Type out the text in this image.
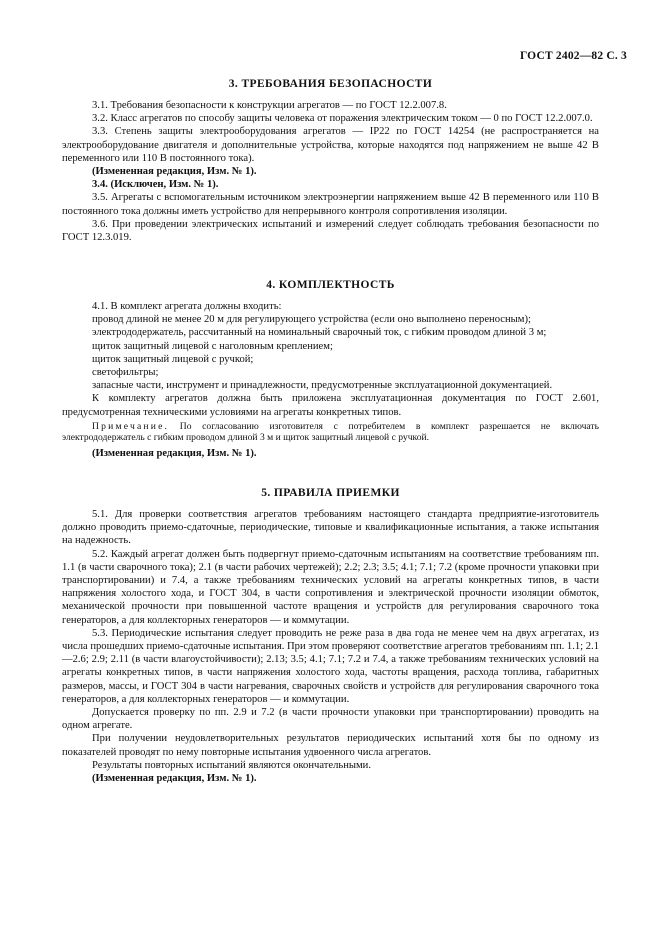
ГОСТ 2402—82 С. 3
3. ТРЕБОВАНИЯ БЕЗОПАСНОСТИ

3.1. Требования безопасности к конструкции агрегатов — по ГОСТ 12.2.007.8.

3.2. Класс агрегатов по способу защиты человека от поражения электрическим током — 0 по ГОСТ 12.2.007.0.

3.3. Степень защиты электрооборудования агрегатов — IP22 по ГОСТ 14254 (не распространяется на электрооборудование двигателя и дополнительные устройства, которые находятся под напряжением не выше 42 В переменного или 110 В постоянного тока).

(Измененная редакция, Изм. № 1).

3.4. (Исключен, Изм. № 1).

3.5. Агрегаты с вспомогательным источником электроэнергии напряжением выше 42 В переменного или 110 В постоянного тока должны иметь устройство для непрерывного контроля сопротивления изоляции.

3.6. При проведении электрических испытаний и измерений следует соблюдать требования безопасности по ГОСТ 12.3.019.

4. КОМПЛЕКТНОСТЬ

4.1. В комплект агрегата должны входить:

провод длиной не менее 20 м для регулирующего устройства (если оно выполнено переносным);

электрододержатель, рассчитанный на номинальный сварочный ток, с гибким проводом длиной 3 м;

щиток защитный лицевой с наголовным креплением;

щиток защитный лицевой с ручкой;

светофильтры;

запасные части, инструмент и принадлежности, предусмотренные эксплуатационной документацией.

К комплекту агрегатов должна быть приложена эксплуатационная документация по ГОСТ 2.601, предусмотренная техническими условиями на агрегаты конкретных типов.

Примечание. По согласованию изготовителя с потребителем в комплект разрешается не включать электрододержатель с гибким проводом длиной 3 м и щиток защитный лицевой с ручкой.

(Измененная редакция, Изм. № 1).

5. ПРАВИЛА ПРИЕМКИ

5.1. Для проверки соответствия агрегатов требованиям настоящего стандарта предприятие-изготовитель должно проводить приемо-сдаточные, периодические, типовые и квалификационные испытания, а также испытания на надежность.

5.2. Каждый агрегат должен быть подвергнут приемо-сдаточным испытаниям на соответствие требованиям пп. 1.1 (в части сварочного тока); 2.1 (в части рабочих чертежей); 2.2; 2.3; 3.5; 4.1; 7.1; 7.2 (кроме прочности упаковки при транспортировании) и 7.4, а также требованиям технических условий на агрегаты конкретных типов, в части напряжения холостого хода, и ГОСТ 304, в части сопротивления и электрической прочности изоляции обмоток, механической прочности при повышенной частоте вращения и устройств для регулирования сварочного тока генераторов, а для коллекторных генераторов — и коммутации.

5.3. Периодические испытания следует проводить не реже раза в два года не менее чем на двух агрегатах, из числа прошедших приемо-сдаточные испытания. При этом проверяют соответствие агрегатов требованиям пп. 1.1; 2.1—2.6; 2.9; 2.11 (в части влагоустойчивости); 2.13; 3.5; 4.1; 7.1; 7.2 и 7.4, а также требованиям технических условий на агрегаты конкретных типов, в части напряжения холостого хода, частоты вращения, расхода топлива, габаритных размеров, массы, и ГОСТ 304 в части нагревания, сварочных свойств и устройств для регулирования сварочного тока генераторов, а для коллекторных генераторов — и коммутации.

Допускается проверку по пп. 2.9 и 7.2 (в части прочности упаковки при транспортировании) проводить на одном агрегате.

При получении неудовлетворительных результатов периодических испытаний хотя бы по одному из показателей проводят по нему повторные испытания удвоенного числа агрегатов.

Результаты повторных испытаний являются окончательными.

(Измененная редакция, Изм. № 1).
